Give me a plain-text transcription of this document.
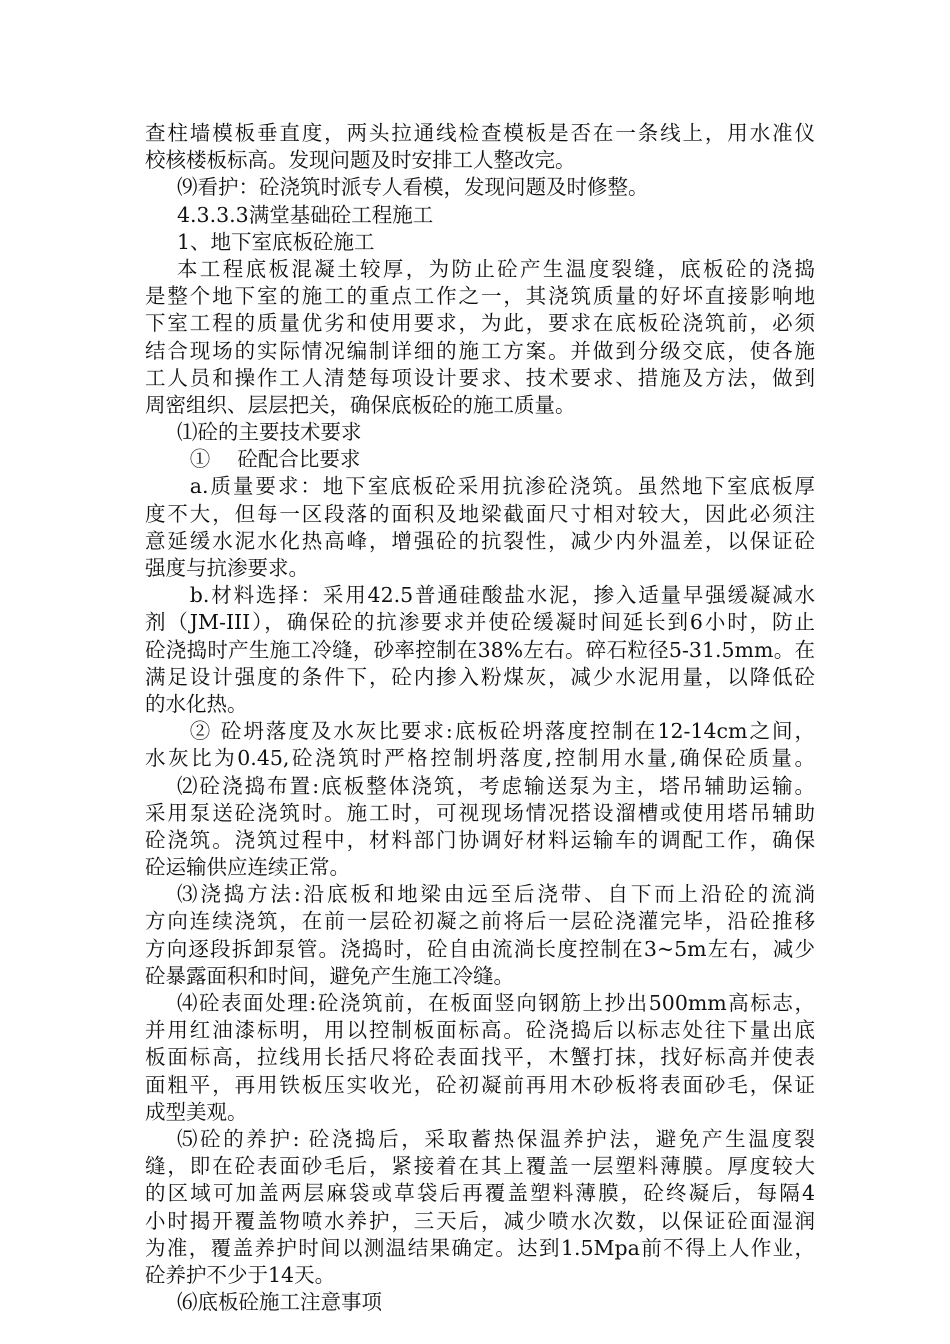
查柱墙模板垂直度，两头拉通线检查模板是否在一条线上，用水准仪
校核楼板标高。发现问题及时安排工人整改完。
⑼看护：砼浇筑时派专人看模，发现问题及时修整。
4.3.3.3满堂基础砼工程施工
1、地下室底板砼施工
本工程底板混凝土较厚，为防止砼产生温度裂缝，底板砼的浇捣
是整个地下室的施工的重点工作之一，其浇筑质量的好坏直接影响地
下室工程的质量优劣和使用要求，为此，要求在底板砼浇筑前，必须
结合现场的实际情况编制详细的施工方案。并做到分级交底，使各施
工人员和操作工人清楚每项设计要求、技术要求、措施及方法，做到
周密组织、层层把关，确保底板砼的施工质量。
⑴砼的主要技术要求
①　 砼配合比要求
a.质量要求：地下室底板砼采用抗渗砼浇筑。虽然地下室底板厚
度不大，但每一区段落的面积及地梁截面尺寸相对较大，因此必须注
意延缓水泥水化热高峰，增强砼的抗裂性，减少内外温差，以保证砼
强度与抗渗要求。
b.材料选择：采用42.5普通硅酸盐水泥，掺入适量早强缓凝减水
剂（JM-III），确保砼的抗渗要求并使砼缓凝时间延长到6小时，防止
砼浇捣时产生施工冷缝，砂率控制在38%左右。碎石粒径5-31.5mm。在
满足设计强度的条件下，砼内掺入粉煤灰，减少水泥用量，以降低砼
的水化热。
② 砼坍落度及水灰比要求:底板砼坍落度控制在12-14cm之间，
水灰比为0.45,砼浇筑时严格控制坍落度,控制用水量,确保砼质量。
⑵砼浇捣布置:底板整体浇筑，考虑输送泵为主，塔吊辅助运输。
采用泵送砼浇筑时。施工时，可视现场情况搭设溜槽或使用塔吊辅助
砼浇筑。浇筑过程中，材料部门协调好材料运输车的调配工作，确保
砼运输供应连续正常。
⑶浇捣方法:沿底板和地梁由远至后浇带、自下而上沿砼的流淌
方向连续浇筑，在前一层砼初凝之前将后一层砼浇灌完毕，沿砼推移
方向逐段拆卸泵管。浇捣时，砼自由流淌长度控制在3~5m左右，减少
砼暴露面积和时间，避免产生施工冷缝。
⑷砼表面处理:砼浇筑前，在板面竖向钢筋上抄出500mm高标志，
并用红油漆标明，用以控制板面标高。砼浇捣后以标志处往下量出底
板面标高，拉线用长括尺将砼表面找平，木蟹打抹，找好标高并使表
面粗平，再用铁板压实收光，砼初凝前再用木砂板将表面砂毛，保证
成型美观。
⑸砼的养护: 砼浇捣后，采取蓄热保温养护法，避免产生温度裂
缝，即在砼表面砂毛后，紧接着在其上覆盖一层塑料薄膜。厚度较大
的区域可加盖两层麻袋或草袋后再覆盖塑料薄膜，砼终凝后，每隔4
小时揭开覆盖物喷水养护，三天后，减少喷水次数，以保证砼面湿润
为准，覆盖养护时间以测温结果确定。达到1.5Mpa前不得上人作业，
砼养护不少于14天。
⑹底板砼施工注意事项
